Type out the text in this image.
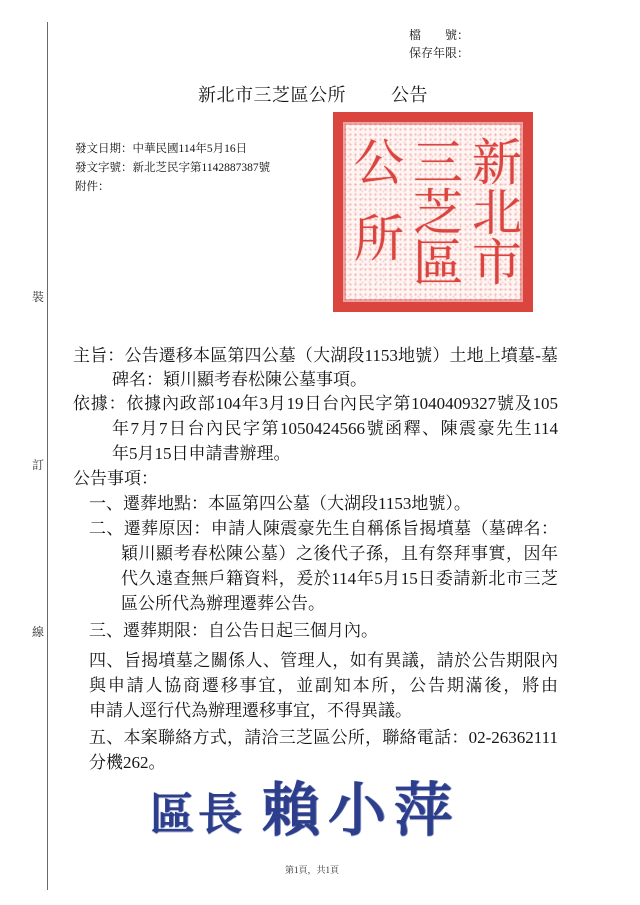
檔　　號：
保存年限：
新北市三芝區公所	公告
發文日期：中華民國114年5月16日
發文字號：新北芝民字第1142887387號
附件：	新北市
三芝區
公所
裝
訂
線
主旨：公告遷移本區第四公墓（大湖段1153地號）土地上墳墓-墓
碑名：穎川顯考春松陳公墓事項。
依據：依據內政部104年3月19日台內民字第1040409327號及105
年7月7日台內民字第1050424566號函釋、陳震豪先生114
年5月15日申請書辦理。
公告事項：
一、遷葬地點：本區第四公墓（大湖段1153地號）。
二、遷葬原因：申請人陳震豪先生自稱係旨揭墳墓（墓碑名：
穎川顯考春松陳公墓）之後代子孫，且有祭拜事實，因年
代久遠查無戶籍資料，爰於114年5月15日委請新北市三芝
區公所代為辦理遷葬公告。
三、遷葬期限：自公告日起三個月內。
四、旨揭墳墓之關係人、管理人，如有異議，請於公告期限內
與申請人協商遷移事宜，並副知本所，公告期滿後，將由
申請人逕行代為辦理遷移事宜，不得異議。
五、本案聯絡方式，請洽三芝區公所，聯絡電話：02-26362111
分機262。
區長 賴小萍
第1頁，共1頁
